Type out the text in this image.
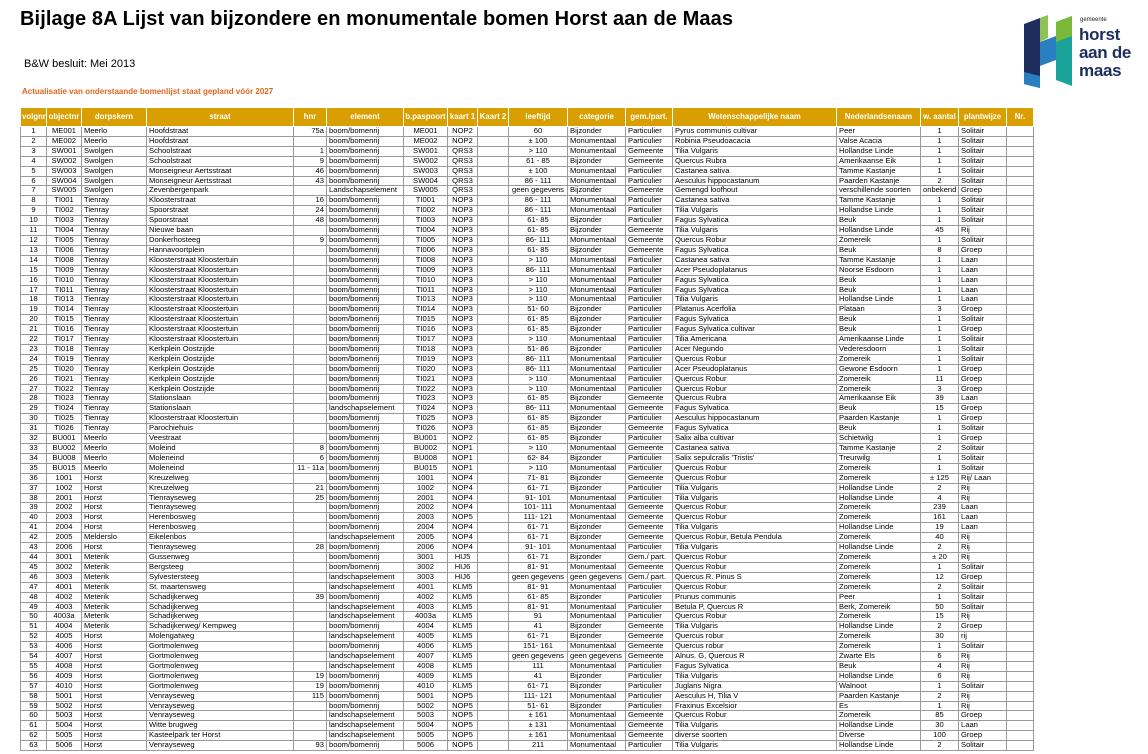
Bijlage 8A Lijst van bijzondere en monumentale bomen Horst aan de Maas
B&W besluit: Mei 2013
Actualisatie van onderstaande bomenlijst staat gepland vóór 2027
gemeente
horst
aan de
maas
volgnr	objectnr	dorpskern	straat	hnr	element	b.paspoort	kaart 1	Kaart 2	leeftijd	categorie	gem./part.	Wetenschappelijke naam	Nederlandsenaam	w. aantal	plantwijze	Nr.
1	ME001	Meerlo	Hoofdstraat	75a	boom/bomenrij	ME001	NOP2		60	Bijzonder	Particulier	Pyrus communis cultivar	Peer	1	Solitair	
2	ME002	Meerlo	Hoofdstraat		boom/bomenrij	ME002	NOP2		± 100	Monumentaal	Particulier	Robinia Pseudoacacia	Valse Acacia	1	Solitair	
3	SW001	Swolgen	Schoolstraat	1	boom/bomenrij	SW001	QRS3		> 110	Monumentaal	Gemeente	Tilia Vulgaris	Hollandse Linde	1	Solitair	
4	SW002	Swolgen	Schoolstraat	9	boom/bomenrij	SW002	QRS3		61 - 85	Bijzonder	Gemeente	Quercus Rubra	Amerikaanse Eik	1	Solitair	
5	SW003	Swolgen	Monseigneur Aertsstraat	46	boom/bomenrij	SW003	QRS3		± 100	Monumentaal	Particulier	Castanea sativa	Tamme Kastanje	1	Solitair	
6	SW004	Swolgen	Monseigneur Aertsstraat	43	boom/bomenrij	SW004	QRS3		86 - 111	Monumentaal	Particulier	Aesculus hippocastanum	Paarden Kastanje	2	Solitair	
7	SW005	Swolgen	Zevenbergenpark		Landschapselement	SW005	QRS3		geen gegevens	Bijzonder	Gemeente	Gemengd loofhout	verschillende soorten	onbekend	Groep	
8	TI001	Tienray	Kloosterstraat	16	boom/bomenrij	TI001	NOP3		86 - 111	Monumentaal	Particulier	Castanea sativa	Tamme Kastanje	1	Solitair	
9	TI002	Tienray	Spoorstraat	24	boom/bomenrij	TI002	NOP3		86 - 111	Monumentaal	Particulier	Tilia Vulgaris	Hollandse Linde	1	Solitair	
10	TI003	Tienray	Spoorstraat	48	boom/bomenrij	TI003	NOP3		61- 85	Bijzonder	Particulier	Fagus Sylvatica	Beuk	1	Solitair	
11	TI004	Tienray	Nieuwe baan		boom/bomenrij	TI004	NOP3		61- 85	Bijzonder	Gemeente	Tilia Vulgaris	Hollandse Linde	45	Rij	
12	TI005	Tienray	Donkerhosteeg	9	boom/bomenrij	TI005	NOP3		86- 111	Monumentaal	Gemeente	Quercus Robur	Zomereik	1	Solitair	
13	TI006	Tienray	Hannavoortplein		boom/bomenrij	TI006	NOP3		61- 85	Bijzonder	Gemeente	Fagus Sylvatica	Beuk	8	Groep	
14	TI008	Tienray	Kloosterstraat Kloostertuin		boom/bomenrij	TI008	NOP3		> 110	Monumentaal	Particulier	Castanea sativa	Tamme Kastanje	1	Laan	
15	TI009	Tienray	Kloosterstraat Kloostertuin		boom/bomenrij	TI009	NOP3		86- 111	Monumentaal	Particulier	Acer Pseudoplatanus	Noorse Esdoorn	1	Laan	
16	TI010	Tienray	Kloosterstraat Kloostertuin		boom/bomenrij	TI010	NOP3		> 110	Monumentaal	Particulier	Fagus Sylvatica	Beuk	1	Laan	
17	TI011	Tienray	Kloosterstraat Kloostertuin		boom/bomenrij	TI011	NOP3		> 110	Monumentaal	Particulier	Fagus Sylvatica	Beuk	1	Laan	
18	TI013	Tienray	Kloosterstraat Kloostertuin		boom/bomenrij	TI013	NOP3		> 110	Monumentaal	Particulier	Tilia Vulgaris	Hollandse Linde	1	Laan	
19	TI014	Tienray	Kloosterstraat Kloostertuin		boom/bomenrij	TI014	NOP3		51- 60	Bijzonder	Particulier	Platanus Acerfolia	Plataan	3	Groep	
20	TI015	Tienray	Kloosterstraat Kloostertuin		boom/bomenrij	TI015	NOP3		61- 85	Bijzonder	Particulier	Fagus Sylvatica	Beuk	1	Solitair	
21	TI016	Tienray	Kloosterstraat Kloostertuin		boom/bomenrij	TI016	NOP3		61- 85	Bijzonder	Particulier	Fagus Sylvatica cultivar	Beuk	1	Groep	
22	TI017	Tienray	Kloosterstraat Kloostertuin		boom/bomenrij	TI017	NOP3		> 110	Monumentaal	Particulier	Tilia Americana	Amerikaanse Linde	1	Solitair	
23	TI018	Tienray	Kerkplein Oostzijde		boom/bomenrij	TI018	NOP3		51- 86	Bijzonder	Particulier	Acer Negundo	Vederesdoorn	1	Solitair	
24	TI019	Tienray	Kerkplein Oostzijde		boom/bomenrij	TI019	NOP3		86- 111	Monumentaal	Particulier	Quercus Robur	Zomereik	1	Solitair	
25	TI020	Tienray	Kerkplein Oostzijde		boom/bomenrij	TI020	NOP3		86- 111	Monumentaal	Particulier	Acer Pseudoplatanus	Gewone Esdoorn	1	Groep	
26	TI021	Tienray	Kerkplein Oostzijde		boom/bomenrij	TI021	NOP3		> 110	Monumentaal	Particulier	Quercus Robur	Zomereik	11	Groep	
27	TI022	Tienray	Kerkplein Oostzijde		boom/bomenrij	TI022	NOP3		> 110	Monumentaal	Particulier	Quercus Robur	Zomereik	3	Groep	
28	TI023	Tienray	Stationslaan		boom/bomenrij	TI023	NOP3		61- 85	Bijzonder	Gemeente	Quercus Rubra	Amerikaanse Eik	39	Laan	
29	TI024	Tienray	Stationslaan		landschapselement	TI024	NOP3		86- 111	Monumentaal	Gemeente	Fagus Sylvatica	Beuk	15	Groep	
30	TI025	Tienray	Kloosterstraat Kloostertuin		boom/bomenrij	TI025	NOP3		61- 85	Bijzonder	Particulier	Aesculus hippocastanum	Paarden Kastanje	1	Groep	
31	TI026	Tienray	Parochiehuis		boom/bomenrij	TI026	NOP3		61- 85	Bijzonder	Gemeente	Fagus Sylvatica	Beuk	1	Solitair	
32	BU001	Meerlo	Veestraat		boom/bomenrij	BU001	NOP2		61- 85	Bijzonder	Particulier	Salix alba cultivar	Schietwilg	1	Groep	
33	BU002	Meerlo	Moleind	8	boom/bomenrij	BU002	NOP1		> 110	Monumentaal	Gemeente	Castanea sativa	Tamme Kastanje	2	Solitair	
34	BU008	Meerlo	Moleneind	6	boom/bomenrij	BU008	NOP1		62- 84	Bijzonder	Particulier	Salix sepulcralis 'Tristis'	Treurwilg	1	Solitair	
35	BU015	Meerlo	Moleneind	11 - 11a	boom/bomenrij	BU015	NOP1		> 110	Monumentaal	Particulier	Quercus Robur	Zomereik	1	Solitair	
36	1001	Horst	Kreuzelweg		boom/bomenrij	1001	NOP4		71- 81	Bijzonder	Gemeente	Quercus Robur	Zomereik	± 125	Rij/ Laan	
37	1002	Horst	Kreuzelweg	21	boom/bomenrij	1002	NOP4		61- 71	Bijzonder	Particulier	Tilia Vulgaris	Hollandse Linde	2	Rij	
38	2001	Horst	Tienrayseweg	25	boom/bomenrij	2001	NOP4		91- 101	Monumentaal	Particulier	Tilia Vulgaris	Hollandse Linde	4	Rij	
39	2002	Horst	Tienrayseweg		boom/bomenrij	2002	NOP4		101- 111	Monumentaal	Gemeente	Quercus Robur	Zomereik	239	Laan	
40	2003	Horst	Herenbosweg		boom/bomenrij	2003	NOP5		111- 121	Monumentaal	Gemeente	Quercus Robur	Zomereik	161	Laan	
41	2004	Horst	Herenbosweg		boom/bomenrij	2004	NOP4		61- 71	Bijzonder	Gemeente	Tilia Vulgaris	Hollandse Linde	19	Laan	
42	2005	Melderslo	Eikelenbos		landschapselement	2005	NOP4		61- 71	Bijzonder	Gemeente	Quercus Robur, Betula Pendula	Zomereik	40	Rij	
43	2006	Horst	Tienrayseweg	28	boom/bomenrij	2006	NOP4		91- 101	Monumentaal	Particulier	Tilia Vulgaris	Hollandse Linde	2	Rij	
44	3001	Meterik	Gussenweg		boom/bomenrij	3001	HIJ5		61- 71	Bijzonder	Gem./ part.	Quercus Robur	Zomereik	± 20	Rij	
45	3002	Meterik	Bergsteeg		boom/bomenrij	3002	HIJ6		81- 91	Monumentaal	Gemeente	Quercus Robur	Zomereik	1	Solitair	
46	3003	Meterik	Sylvestersteeg		landschapselement	3003	HIJ6		geen gegevens	geen gegevens	Gem./ part.	Quercus R. Pinus S	Zomereik	12	Groep	
47	4001	Meterik	St. maartensweg		landschapselement	4001	KLM5		81- 91	Monumentaal	Particulier	Quercus Robur	Zomereik	2	Solitair	
48	4002	Meterik	Schadijkerweg	39	boom/bomenrij	4002	KLM5		61- 85	Bijzonder	Particulier	Prunus communis	Peer	1	Solitair	
49	4003	Meterik	Schadijkerweg		landschapselement	4003	KLM5		81- 91	Monumentaal	Particulier	Betula P, Quercus R	Berk, Zomereik	50	Solitair	
50	4003a	Meterik	Schadijkerweg		landschapselement	4003a	KLM5		91	Monumentaal	Particulier	Quercus Robur	Zomereik	15	Rij	
51	4004	Meterik	Schadijkerweg/ Kempweg		boom/bomenrij	4004	KLM5		41	Bijzonder	Gemeente	Tilia Vulgaris	Hollandse Linde	2	Groep	
52	4005	Horst	Molengatweg		landschapselement	4005	KLM5		61- 71	Bijzonder	Gemeente	Quercus robur	Zomereik	30	rij	
53	4006	Horst	Gortmolenweg		boom/bomenrij	4006	KLM5		151- 161	Monumentaal	Gemeente	Quercus robur	Zomereik	1	Solitair	
54	4007	Horst	Gortmolenweg		landschapselement	4007	KLM5		geen gegevens	geen gegevens	Gemeente	Alnus. G, Quercus R	Zwarte Els	6	Rij	
55	4008	Horst	Gortmolenweg		landschapselement	4008	KLM5		111	Monumentaal	Particulier	Fagus Sylvatica	Beuk	4	Rij	
56	4009	Horst	Gortmolenweg	19	boom/bomenrij	4009	KLM5		41	Bijzonder	Particulier	Tilia Vulgaris	Hollandse Linde	6	Rij	
57	4010	Horst	Gortmolenweg	19	boom/bomenrij	4010	KLM5		61- 71	Bijzonder	Particulier	Juglans Nigra	Walnoot	1	Solitair	
58	5001	Horst	Venrayseweg	115	boom/bomenrij	5001	NOP5		111- 121	Monumentaal	Particulier	Aesculus H, Tilia V	Paarden Kastanje	2	Rij	
59	5002	Horst	Venrayseweg		boom/bomenrij	5002	NOP5		51- 61	Bijzonder	Particulier	Fraxinus Excelsior	Es	1	Rij	
60	5003	Horst	Venrayseweg		landschapselement	5003	NOP5		± 161	Monumentaal	Gemeente	Quercus Robur	Zomereik	85	Groep	
61	5004	Horst	Witte brugweg		landschapselement	5004	NOP5		± 131	Monumentaal	Gemeente	Tilia Vulgaris	Hollandse Linde	30	Laan	
62	5005	Horst	Kasteelpark ter Horst		landschapselement	5005	NOP5		± 161	Monumentaal	Gemeente	diverse soorten	Diverse	100	Groep	
63	5006	Horst	Venrayseweg	93	boom/bomenrij	5006	NOP5		211	Monumentaal	Particulier	Tilia Vulgaris	Hollandse Linde	2	Solitair	
